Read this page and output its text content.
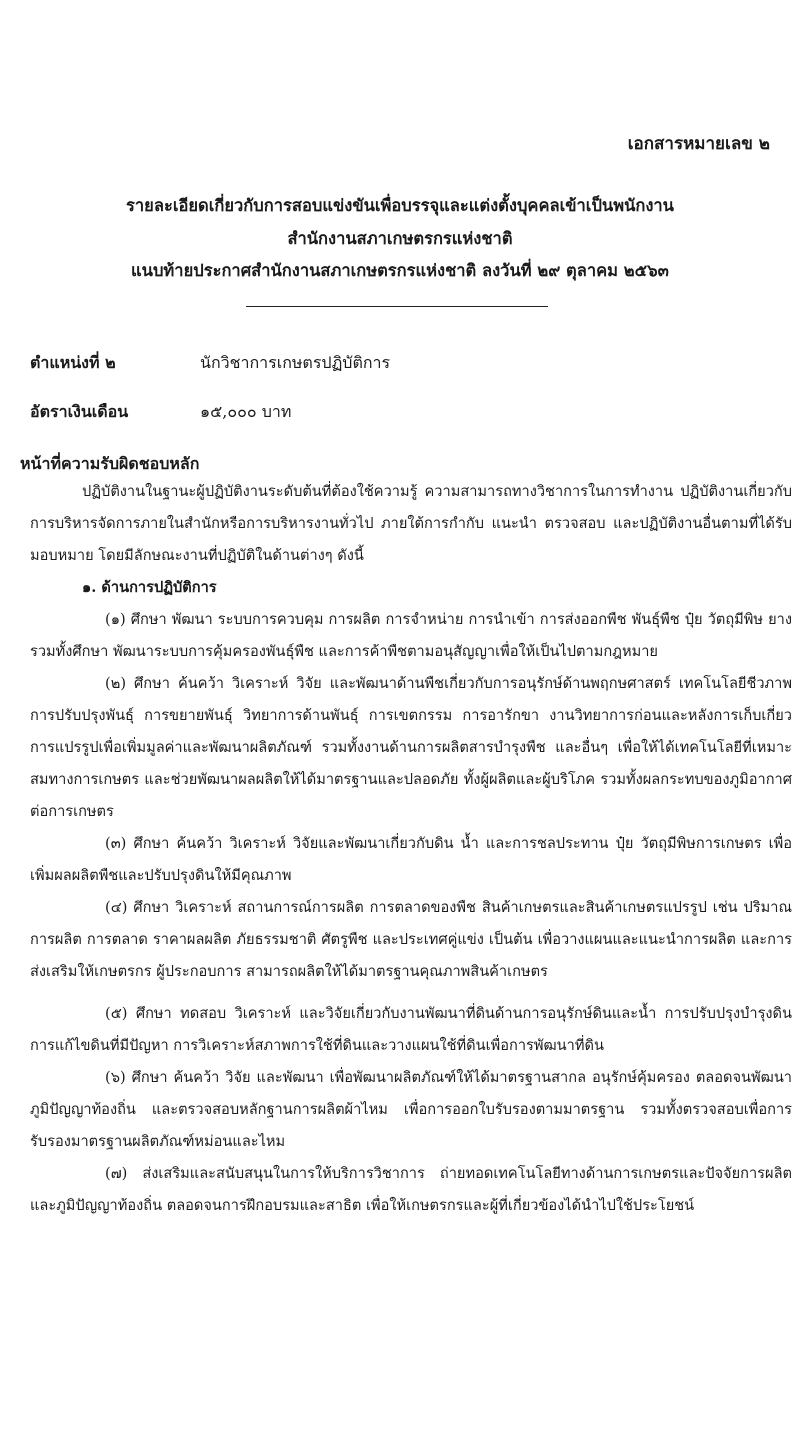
เอกสารหมายเลข ๒
รายละเอียดเกี่ยวกับการสอบแข่งขันเพื่อบรรจุและแต่งตั้งบุคคลเข้าเป็นพนักงาน
สำนักงานสภาเกษตรกรแห่งชาติ
แนบท้ายประกาศสำนักงานสภาเกษตรกรแห่งชาติ ลงวันที่ ๒๙ ตุลาคม ๒๕๖๓
ตำแหน่งที่ ๒	นักวิชาการเกษตรปฏิบัติการ
อัตราเงินเดือน	๑๕,๐๐๐ บาท
หน้าที่ความรับผิดชอบหลัก

ปฏิบัติงานในฐานะผู้ปฏิบัติงานระดับต้นที่ต้องใช้ความรู้ ความสามารถทางวิชาการในการทำงาน ปฏิบัติงานเกี่ยวกับการบริหารจัดการภายในสำนักหรือการบริหารงานทั่วไป ภายใต้การกำกับ แนะนำ ตรวจสอบ และปฏิบัติงานอื่นตามที่ได้รับมอบหมาย โดยมีลักษณะงานที่ปฏิบัติในด้านต่างๆ ดังนี้

๑. ด้านการปฏิบัติการ

(๑) ศึกษา พัฒนา ระบบการควบคุม การผลิต การจำหน่าย การนำเข้า การส่งออกพืช พันธุ์พืช ปุ๋ย วัตถุมีพิษ ยาง รวมทั้งศึกษา พัฒนาระบบการคุ้มครองพันธุ์พืช และการค้าพืชตามอนุสัญญาเพื่อให้เป็นไปตามกฎหมาย

(๒) ศึกษา ค้นคว้า วิเคราะห์ วิจัย และพัฒนาด้านพืชเกี่ยวกับการอนุรักษ์ด้านพฤกษศาสตร์ เทคโนโลยีชีวภาพ การปรับปรุงพันธุ์ การขยายพันธุ์ วิทยาการด้านพันธุ์ การเขตกรรม การอารักขา งานวิทยาการก่อนและหลังการเก็บเกี่ยว การแปรรูปเพื่อเพิ่มมูลค่าและพัฒนาผลิตภัณฑ์ รวมทั้งงานด้านการผลิตสารบำรุงพืช และอื่นๆ เพื่อให้ได้เทคโนโลยีที่เหมาะสมทางการเกษตร และช่วยพัฒนาผลผลิตให้ได้มาตรฐานและปลอดภัย ทั้งผู้ผลิตและผู้บริโภค รวมทั้งผลกระทบของภูมิอากาศต่อการเกษตร

(๓) ศึกษา ค้นคว้า วิเคราะห์ วิจัยและพัฒนาเกี่ยวกับดิน น้ำ และการชลประทาน ปุ๋ย วัตถุมีพิษการเกษตร เพื่อเพิ่มผลผลิตพืชและปรับปรุงดินให้มีคุณภาพ

(๔) ศึกษา วิเคราะห์ สถานการณ์การผลิต การตลาดของพืช สินค้าเกษตรและสินค้าเกษตรแปรรูป เช่น ปริมาณการผลิต การตลาด ราคาผลผลิต ภัยธรรมชาติ ศัตรูพืช และประเทศคู่แข่ง เป็นต้น เพื่อวางแผนและแนะนำการผลิต และการส่งเสริมให้เกษตรกร ผู้ประกอบการ สามารถผลิตให้ได้มาตรฐานคุณภาพสินค้าเกษตร

(๕) ศึกษา ทดสอบ วิเคราะห์ และวิจัยเกี่ยวกับงานพัฒนาที่ดินด้านการอนุรักษ์ดินและน้ำ การปรับปรุงบำรุงดิน การแก้ไขดินที่มีปัญหา การวิเคราะห์สภาพการใช้ที่ดินและวางแผนใช้ที่ดินเพื่อการพัฒนาที่ดิน

(๖) ศึกษา ค้นคว้า วิจัย และพัฒนา เพื่อพัฒนาผลิตภัณฑ์ให้ได้มาตรฐานสากล อนุรักษ์คุ้มครอง ตลอดจนพัฒนาภูมิปัญญาท้องถิ่น และตรวจสอบหลักฐานการผลิตผ้าไหม เพื่อการออกใบรับรองตามมาตรฐาน รวมทั้งตรวจสอบเพื่อการรับรองมาตรฐานผลิตภัณฑ์หม่อนและไหม

(๗) ส่งเสริมและสนับสนุนในการให้บริการวิชาการ ถ่ายทอดเทคโนโลยีทางด้านการเกษตรและปัจจัยการผลิต และภูมิปัญญาท้องถิ่น ตลอดจนการฝึกอบรมและสาธิต เพื่อให้เกษตรกรและผู้ที่เกี่ยวข้องได้นำไปใช้ประโยชน์
